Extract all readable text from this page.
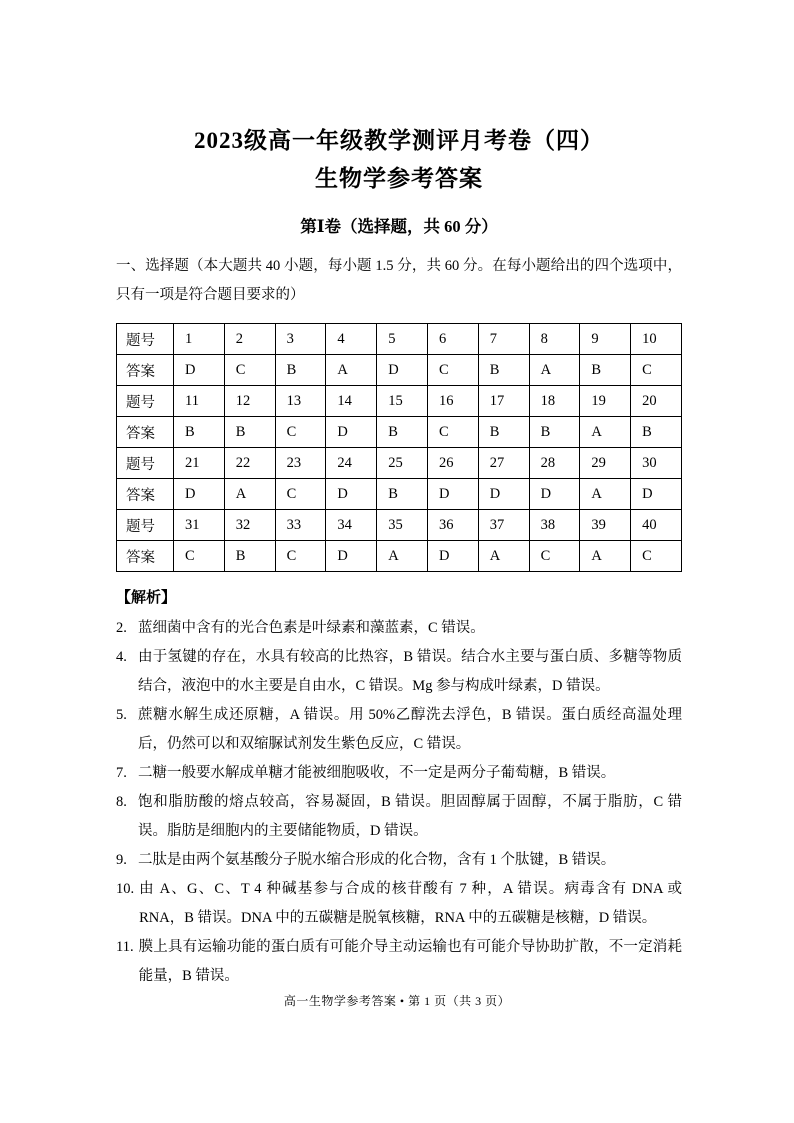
2023级高一年级教学测评月考卷（四）
生物学参考答案
第Ⅰ卷（选择题，共 60 分）
一、选择题（本大题共 40 小题，每小题 1.5 分，共 60 分。在每小题给出的四个选项中，只有一项是符合题目要求的）
题号	1	2	3	4	5	6	7	8	9	10
答案	D	C	B	A	D	C	B	A	B	C
题号	11	12	13	14	15	16	17	18	19	20
答案	B	B	C	D	B	C	B	B	A	B
题号	21	22	23	24	25	26	27	28	29	30
答案	D	A	C	D	B	D	D	D	A	D
题号	31	32	33	34	35	36	37	38	39	40
答案	C	B	C	D	A	D	A	C	A	C
【解析】
2. 蓝细菌中含有的光合色素是叶绿素和藻蓝素，C 错误。
4. 由于氢键的存在，水具有较高的比热容，B 错误。结合水主要与蛋白质、多糖等物质结合，液泡中的水主要是自由水，C 错误。Mg 参与构成叶绿素，D 错误。
5. 蔗糖水解生成还原糖，A 错误。用 50%乙醇洗去浮色，B 错误。蛋白质经高温处理后，仍然可以和双缩脲试剂发生紫色反应，C 错误。
7. 二糖一般要水解成单糖才能被细胞吸收，不一定是两分子葡萄糖，B 错误。
8. 饱和脂肪酸的熔点较高，容易凝固，B 错误。胆固醇属于固醇，不属于脂肪，C 错误。脂肪是细胞内的主要储能物质，D 错误。
9. 二肽是由两个氨基酸分子脱水缩合形成的化合物，含有 1 个肽键，B 错误。
10. 由 A、G、C、T 4 种碱基参与合成的核苷酸有 7 种，A 错误。病毒含有 DNA 或 RNA，B 错误。DNA 中的五碳糖是脱氧核糖，RNA 中的五碳糖是核糖，D 错误。
11. 膜上具有运输功能的蛋白质有可能介导主动运输也有可能介导协助扩散，不一定消耗能量，B 错误。
高一生物学参考答案 • 第 1 页（共 3 页）
